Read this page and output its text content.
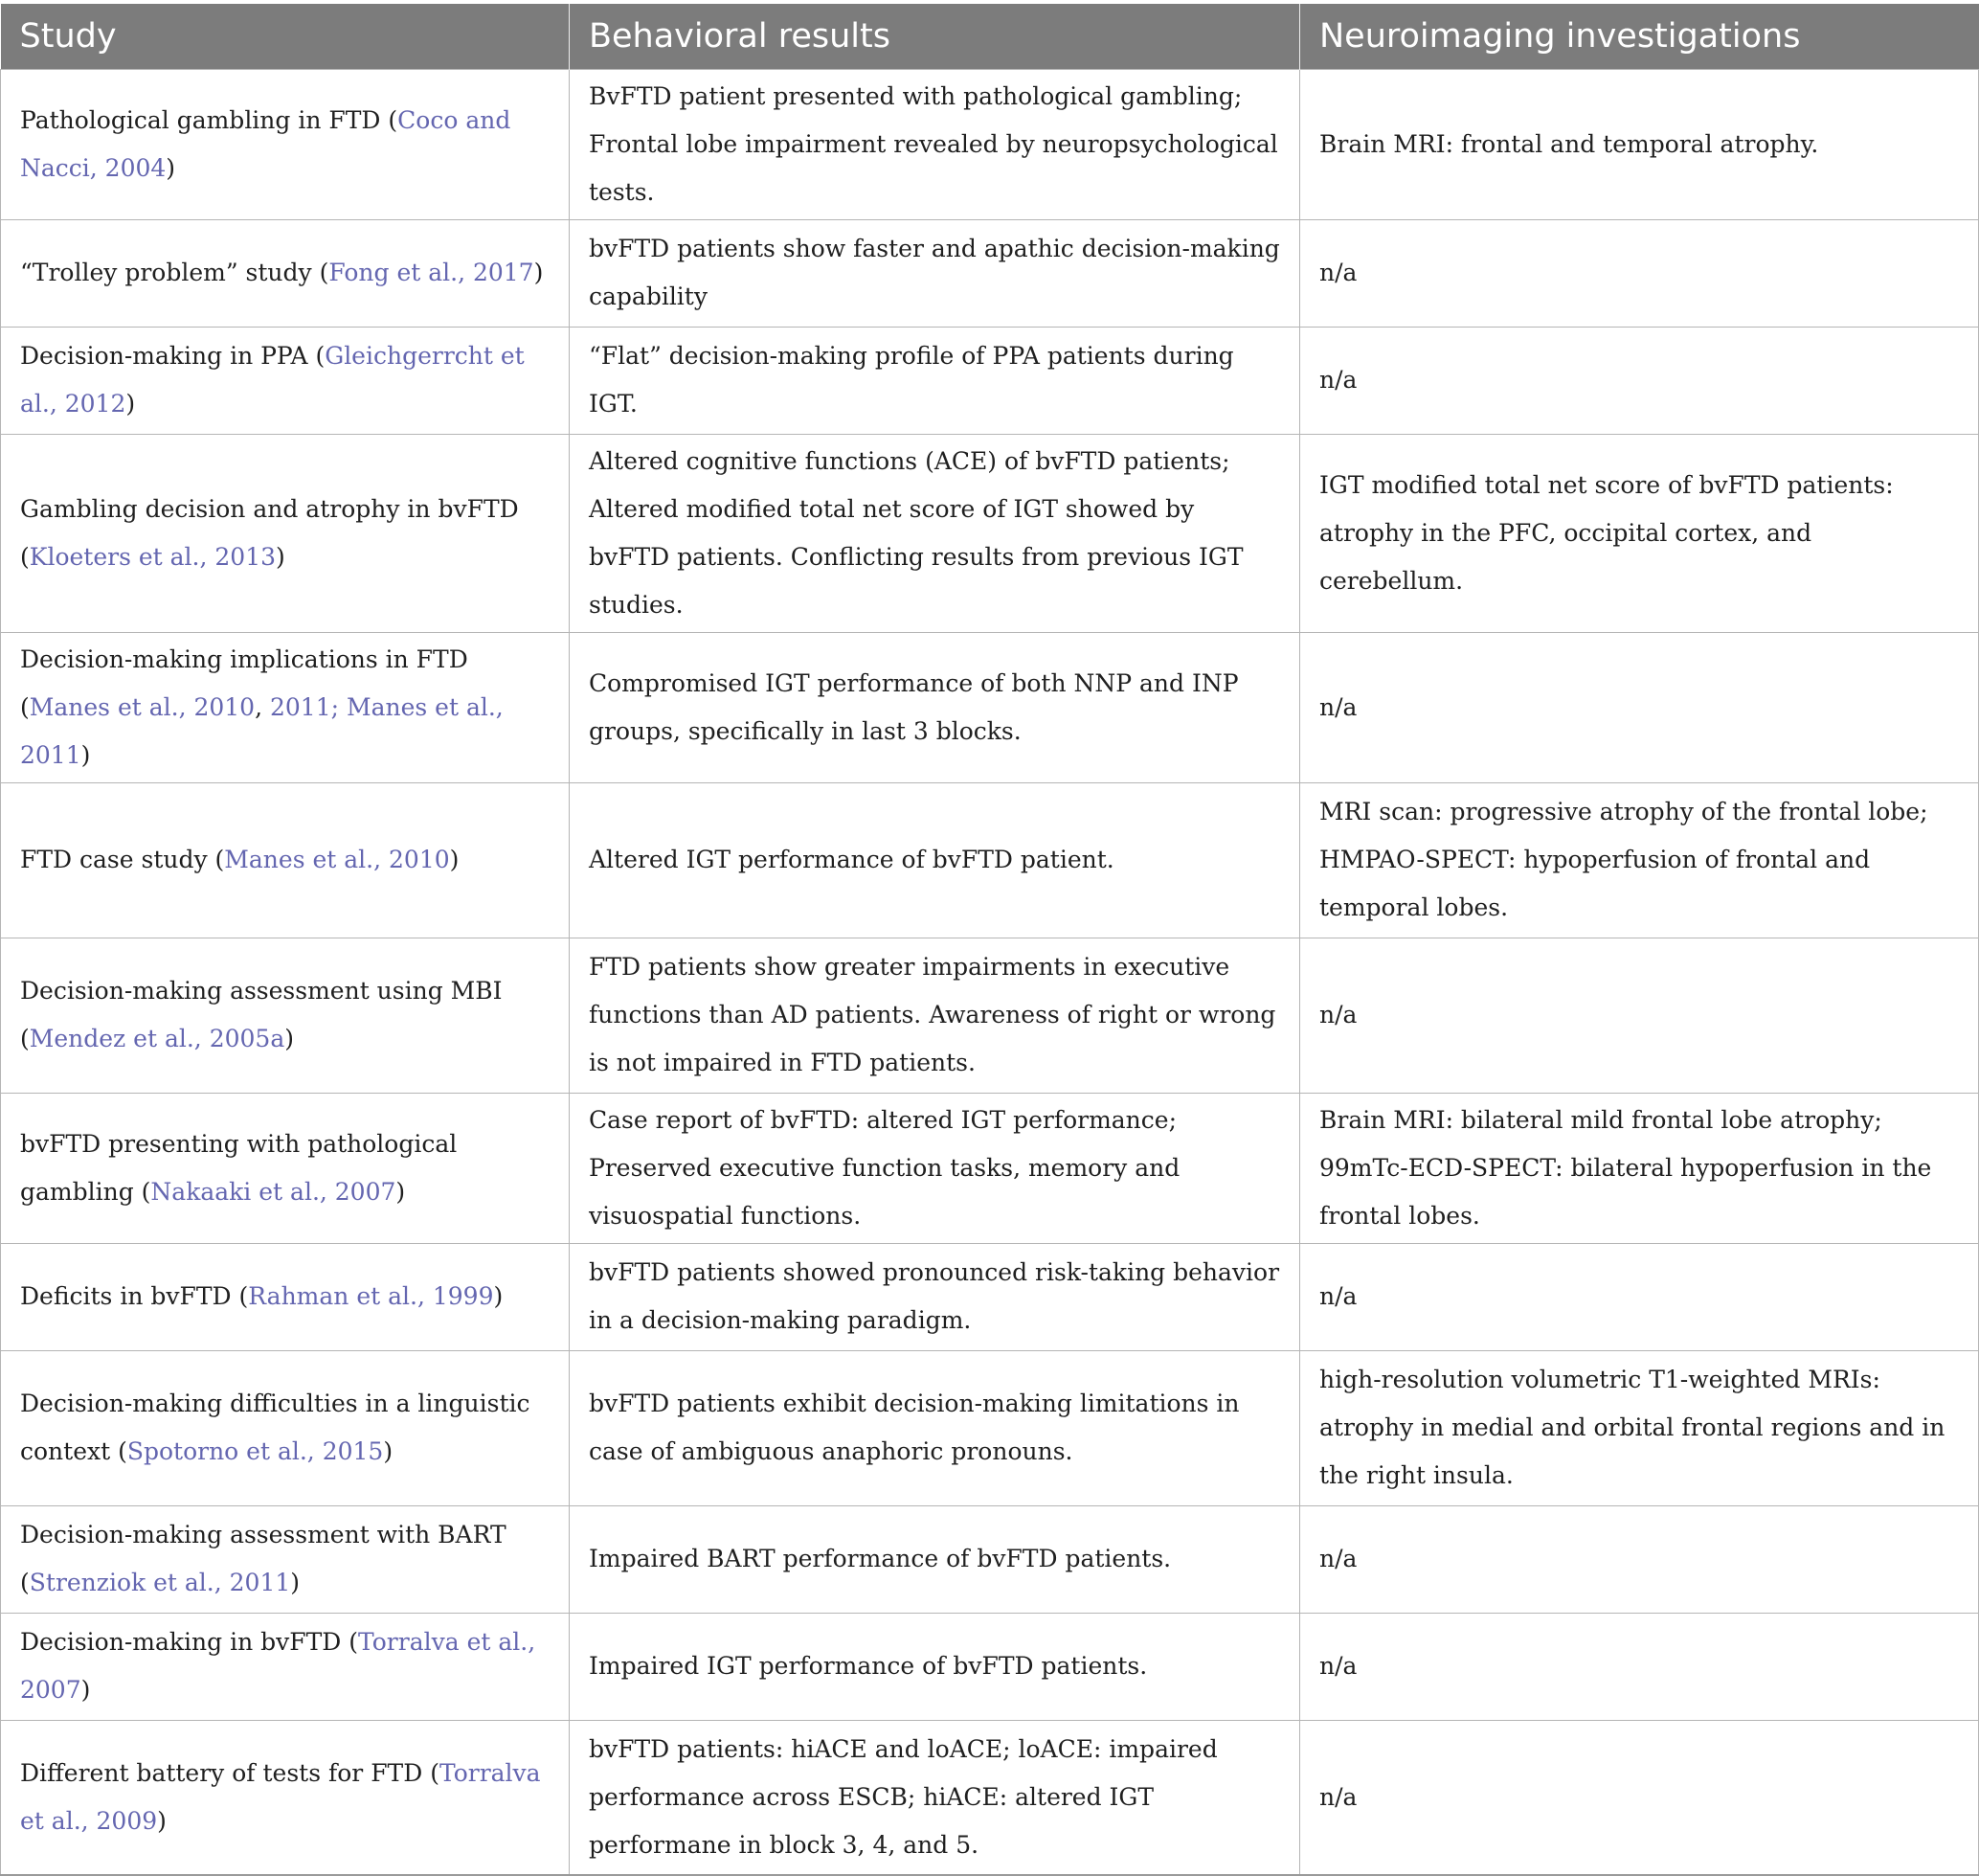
Study	Behavioral results	Neuroimaging investigations
Pathological gambling in FTD (Coco and Nacci, 2004)	BvFTD patient presented with pathological gambling; Frontal lobe impairment revealed by neuropsychological tests.	Brain MRI: frontal and temporal atrophy.
“Trolley problem” study (Fong et al., 2017)	bvFTD patients show faster and apathic decision-making capability	n/a
Decision-making in PPA (Gleichgerrcht et al., 2012)	“Flat” decision-making profile of PPA patients during IGT.	n/a
Gambling decision and atrophy in bvFTD (Kloeters et al., 2013)	Altered cognitive functions (ACE) of bvFTD patients; Altered modified total net score of IGT showed by bvFTD patients. Conflicting results from previous IGT studies.	IGT modified total net score of bvFTD patients: atrophy in the PFC, occipital cortex, and cerebellum.
Decision-making implications in FTD (Manes et al., 2010, 2011; Manes et al., 2011)	Compromised IGT performance of both NNP and INP groups, specifically in last 3 blocks.	n/a
FTD case study (Manes et al., 2010)	Altered IGT performance of bvFTD patient.	MRI scan: progressive atrophy of the frontal lobe; HMPAO-SPECT: hypoperfusion of frontal and temporal lobes.
Decision-making assessment using MBI (Mendez et al., 2005a)	FTD patients show greater impairments in executive functions than AD patients. Awareness of right or wrong is not impaired in FTD patients.	n/a
bvFTD presenting with pathological gambling (Nakaaki et al., 2007)	Case report of bvFTD: altered IGT performance; Preserved executive function tasks, memory and visuospatial functions.	Brain MRI: bilateral mild frontal lobe atrophy; 99mTc-ECD-SPECT: bilateral hypoperfusion in the frontal lobes.
Deficits in bvFTD (Rahman et al., 1999)	bvFTD patients showed pronounced risk-taking behavior in a decision-making paradigm.	n/a
Decision-making difficulties in a linguistic context (Spotorno et al., 2015)	bvFTD patients exhibit decision-making limitations in case of ambiguous anaphoric pronouns.	high-resolution volumetric T1-weighted MRIs: atrophy in medial and orbital frontal regions and in the right insula.
Decision-making assessment with BART (Strenziok et al., 2011)	Impaired BART performance of bvFTD patients.	n/a
Decision-making in bvFTD (Torralva et al., 2007)	Impaired IGT performance of bvFTD patients.	n/a
Different battery of tests for FTD (Torralva et al., 2009)	bvFTD patients: hiACE and loACE; loACE: impaired performance across ESCB; hiACE: altered IGT performane in block 3, 4, and 5.	n/a
